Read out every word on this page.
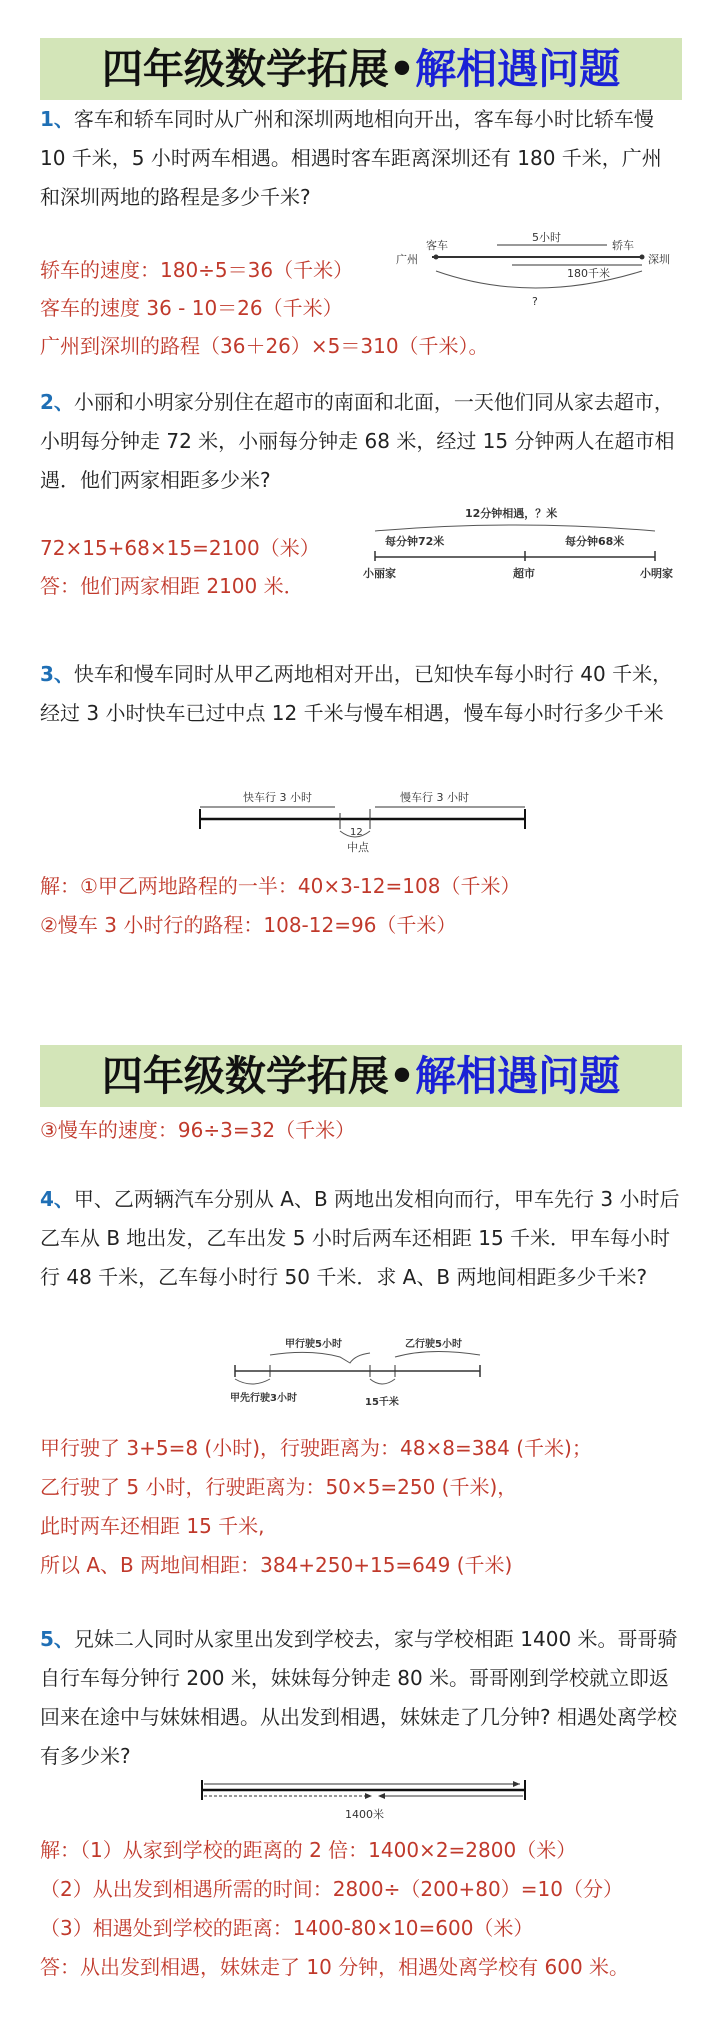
四年级数学拓展•解相遇问题
1、客车和轿车同时从广州和深圳两地相向开出，客车每小时比轿车慢 10 千米，5 小时两车相遇。相遇时客车距离深圳还有 180 千米，广州和深圳两地的路程是多少千米?
轿车的速度：180÷5＝36（千米）
客车的速度 36 - 10＝26（千米）
广州到深圳的路程（36＋26）×5＝310（千米）。
客车
5小时
轿车
广州	深圳
180千米
?
2、小丽和小明家分别住在超市的南面和北面，一天他们同从家去超市，小明每分钟走 72 米，小丽每分钟走 68 米，经过 15 分钟两人在超市相遇．他们两家相距多少米?
72×15+68×15=2100（米）
答：他们两家相距 2100 米．
12分钟相遇，？米
每分钟72米	每分钟68米
小丽家	超市	小明家
3、快车和慢车同时从甲乙两地相对开出，已知快车每小时行 40 千米，经过 3 小时快车已过中点 12 千米与慢车相遇，慢车每小时行多少千米
快车行 3 小时	慢车行 3 小时
12
中点
解：①甲乙两地路程的一半：40×3-12=108（千米）
②慢车 3 小时行的路程：108-12=96（千米）
四年级数学拓展•解相遇问题
③慢车的速度：96÷3=32（千米）
4、甲、乙两辆汽车分别从 A、B 两地出发相向而行，甲车先行 3 小时后乙车从 B 地出发，乙车出发 5 小时后两车还相距 15 千米．甲车每小时行 48 千米，乙车每小时行 50 千米．求 A、B 两地间相距多少千米?
甲行驶5小时	乙行驶5小时
甲先行驶3小时	15千米
甲行驶了 3+5=8 (小时)，行驶距离为：48×8=384 (千米)；
乙行驶了 5 小时，行驶距离为：50×5=250 (千米)，
此时两车还相距 15 千米,
所以 A、B 两地间相距：384+250+15=649 (千米)
5、兄妹二人同时从家里出发到学校去，家与学校相距 1400 米。哥哥骑自行车每分钟行 200 米，妹妹每分钟走 80 米。哥哥刚到学校就立即返回来在途中与妹妹相遇。从出发到相遇，妹妹走了几分钟? 相遇处离学校有多少米?
1400米
解：（1）从家到学校的距离的 2 倍：1400×2=2800（米）
（2）从出发到相遇所需的时间：2800÷（200+80）=10（分）
（3）相遇处到学校的距离：1400-80×10=600（米）
答：从出发到相遇，妹妹走了 10 分钟，相遇处离学校有 600 米。
